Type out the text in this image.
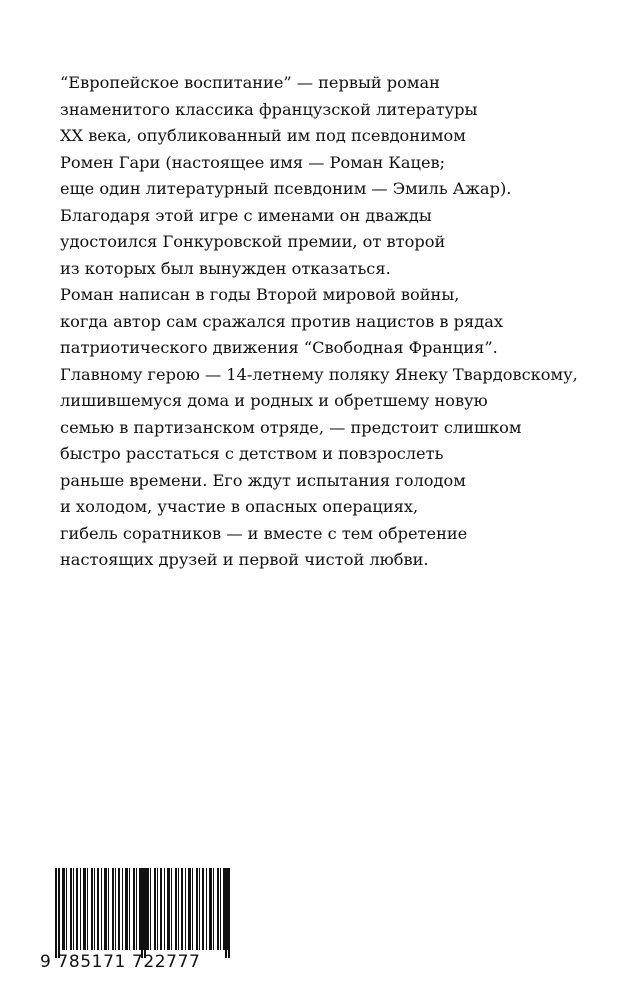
“Европейское воспитание” — первый роман
знаменитого классика французской литературы
XX века, опубликованный им под псевдонимом
Ромен Гари (настоящее имя — Роман Кацев;
еще один литературный псевдоним — Эмиль Ажар).
Благодаря этой игре с именами он дважды
удостоился Гонкуровской премии, от второй
из которых был вынужден отказаться.
Роман написан в годы Второй мировой войны,
когда автор сам сражался против нацистов в рядах
патриотического движения “Свободная Франция”.
Главному герою — 14-летнему поляку Янеку Твардовскому,
лишившемуся дома и родных и обретшему новую
семью в партизанском отряде, — предстоит слишком
быстро расстаться с детством и повзрослеть
раньше времени. Его ждут испытания голодом
и холодом, участие в опасных операциях,
гибель соратников — и вместе с тем обретение
настоящих друзей и первой чистой любви.
9 785171 722777
